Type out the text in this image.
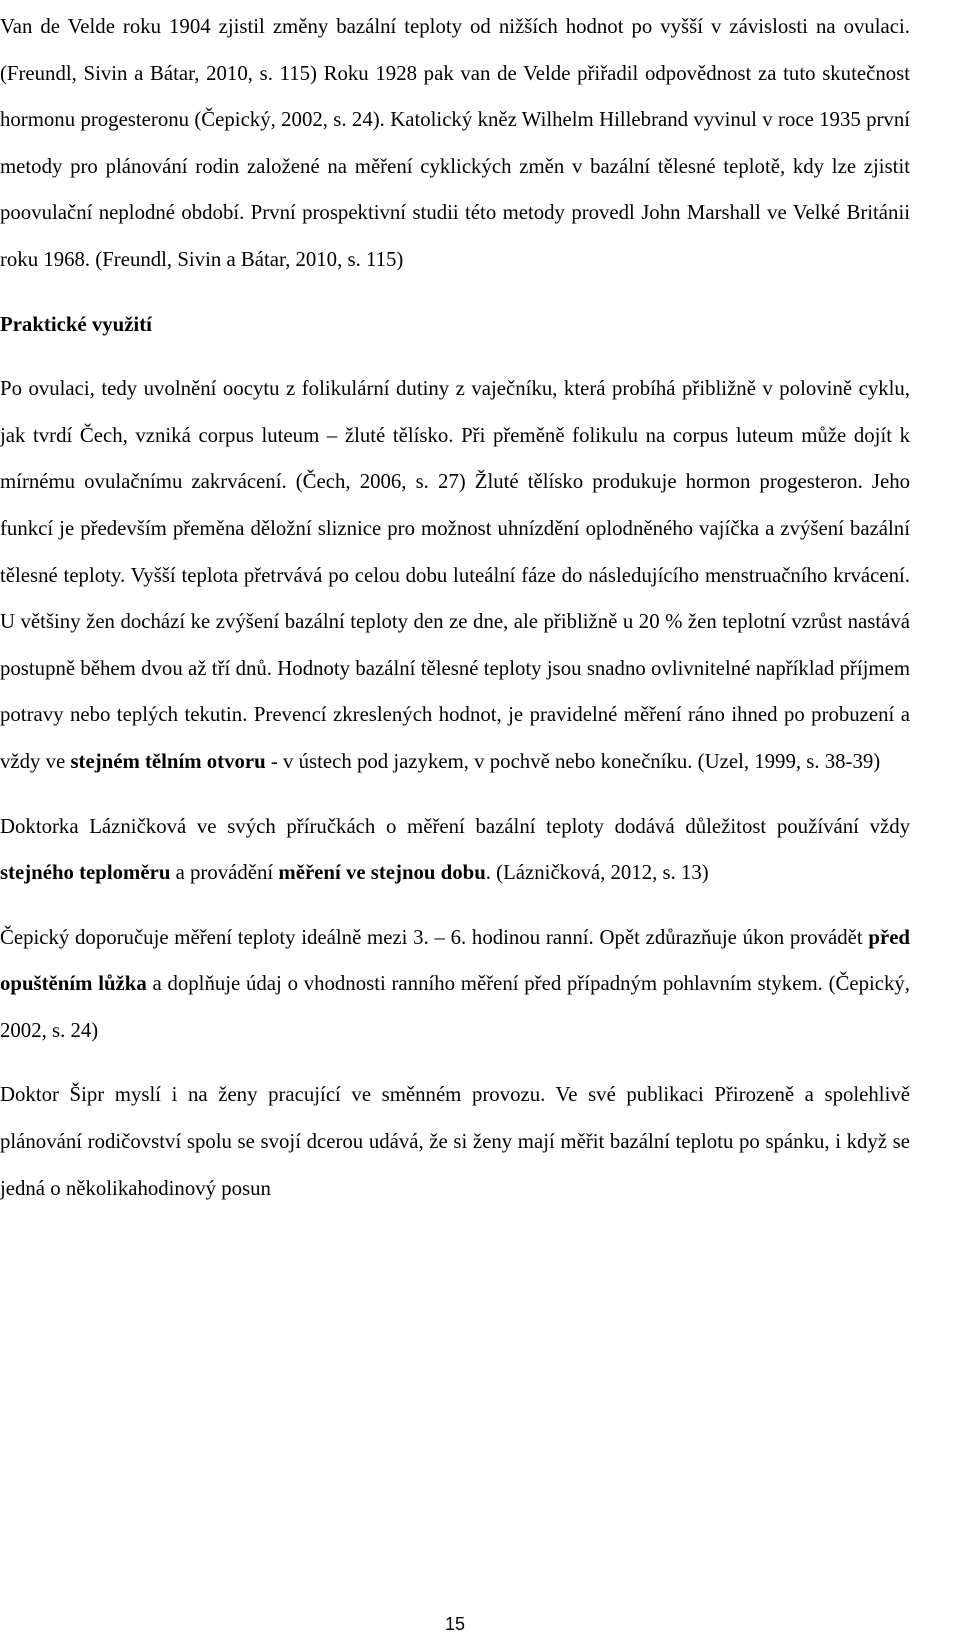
Van de Velde roku 1904 zjistil změny bazální teploty od nižších hodnot po vyšší v závislosti na ovulaci. (Freundl, Sivin a Bátar, 2010, s. 115) Roku 1928 pak van de Velde přiřadil odpovědnost za tuto skutečnost hormonu progesteronu (Čepický, 2002, s. 24). Katolický kněz Wilhelm Hillebrand vyvinul v roce 1935 první metody pro plánování rodin založené na měření cyklických změn v bazální tělesné teplotě, kdy lze zjistit poovulační neplodné období. První prospektivní studii této metody provedl John Marshall ve Velké Británii roku 1968. (Freundl, Sivin a Bátar, 2010, s. 115)

Praktické využití

Po ovulaci, tedy uvolnění oocytu z folikulární dutiny z vaječníku, která probíhá přibližně v polovině cyklu, jak tvrdí Čech, vzniká corpus luteum – žluté tělísko. Při přeměně folikulu na corpus luteum může dojít k mírnému ovulačnímu zakrvácení. (Čech, 2006, s. 27) Žluté tělísko produkuje hormon progesteron. Jeho funkcí je především přeměna děložní sliznice pro možnost uhnízdění oplodněného vajíčka a zvýšení bazální tělesné teploty. Vyšší teplota přetrvává po celou dobu luteální fáze do následujícího menstruačního krvácení. U většiny žen dochází ke zvýšení bazální teploty den ze dne, ale přibližně u 20 % žen teplotní vzrůst nastává postupně během dvou až tří dnů. Hodnoty bazální tělesné teploty jsou snadno ovlivnitelné například příjmem potravy nebo teplých tekutin. Prevencí zkreslených hodnot, je pravidelné měření ráno ihned po probuzení a vždy ve stejném tělním otvoru - v ústech pod jazykem, v pochvě nebo konečníku. (Uzel, 1999, s. 38-39)

Doktorka Lázničková ve svých příručkách o měření bazální teploty dodává důležitost používání vždy stejného teploměru a provádění měření ve stejnou dobu. (Lázničková, 2012, s. 13)

Čepický doporučuje měření teploty ideálně mezi 3. – 6. hodinou ranní. Opět zdůrazňuje úkon provádět před opuštěním lůžka a doplňuje údaj o vhodnosti ranního měření před případným pohlavním stykem. (Čepický, 2002, s. 24)

Doktor Šipr myslí i na ženy pracující ve směnném provozu. Ve své publikaci Přirozeně a spolehlivě plánování rodičovství spolu se svojí dcerou udává, že si ženy mají měřit bazální teplotu po spánku, i když se jedná o několikahodinový posun

15
